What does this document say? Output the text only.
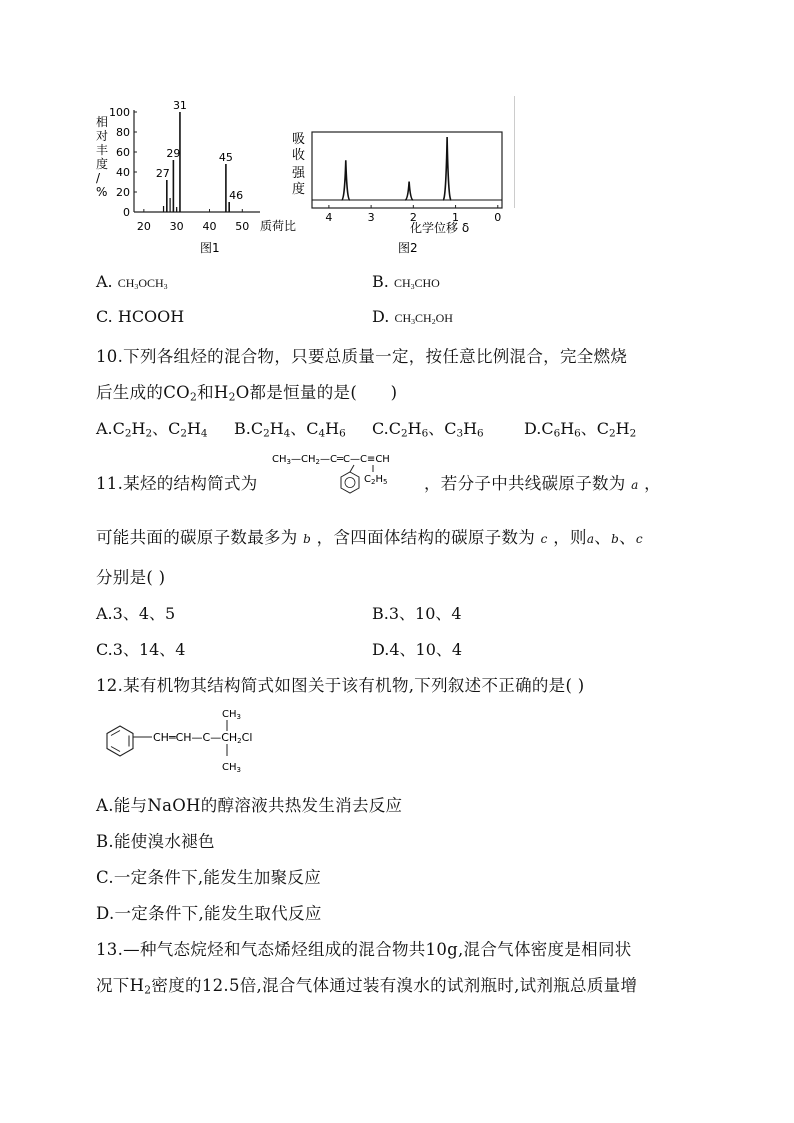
相
对
丰
度
/
%
0
20
40
60
80
100
20 30 40 50
27
29
31
45
46
质荷比
图1
吸
收
强
度
4	3	2	1	0
化学位移 δ
图2
A. $CH_3OCH_3$	B. $CH_3CHO$
C. HCOOH	D. $CH_3CH_2OH$
10.下列各组烃的混合物，只要总质量一定，按任意比例混合，完全燃烧
后生成的$CO_2$和$H_2O$都是恒量的是(　　)
$A.C_2H_2$、$C_2H_4$ $B.C_2H_4$、$C_4H_6$ $C.C_2H_6$、$C_3H_6$	$D.C_6H_6$、$C_2H_2$
11.某烃的结构简式为
$CH_3—CH_2—C═C—C\equiv CH$
$C_2H_5$ ，若分子中共线碳原子数为 a ，
可能共面的碳原子数最多为 b ，含四面体结构的碳原子数为 c ，则a、b、c
分别是( )
A.3、4、5	B.3、10、4
C.3、14、4	D.4、10、4
12.某有机物其结构简式如图关于该有机物,下列叙述不正确的是( )
CH═CH—C—CH2Cl
$CH_3$
$CH_3$
A.能与NaOH的醇溶液共热发生消去反应
B.能使溴水褪色
C.一定条件下,能发生加聚反应
D.一定条件下,能发生取代反应
13.—种气态烷烃和气态烯烃组成的混合物共10g,混合气体密度是相同状
况下$H_2$密度的12.5倍,混合气体通过装有溴水的试剂瓶时,试剂瓶总质量增
